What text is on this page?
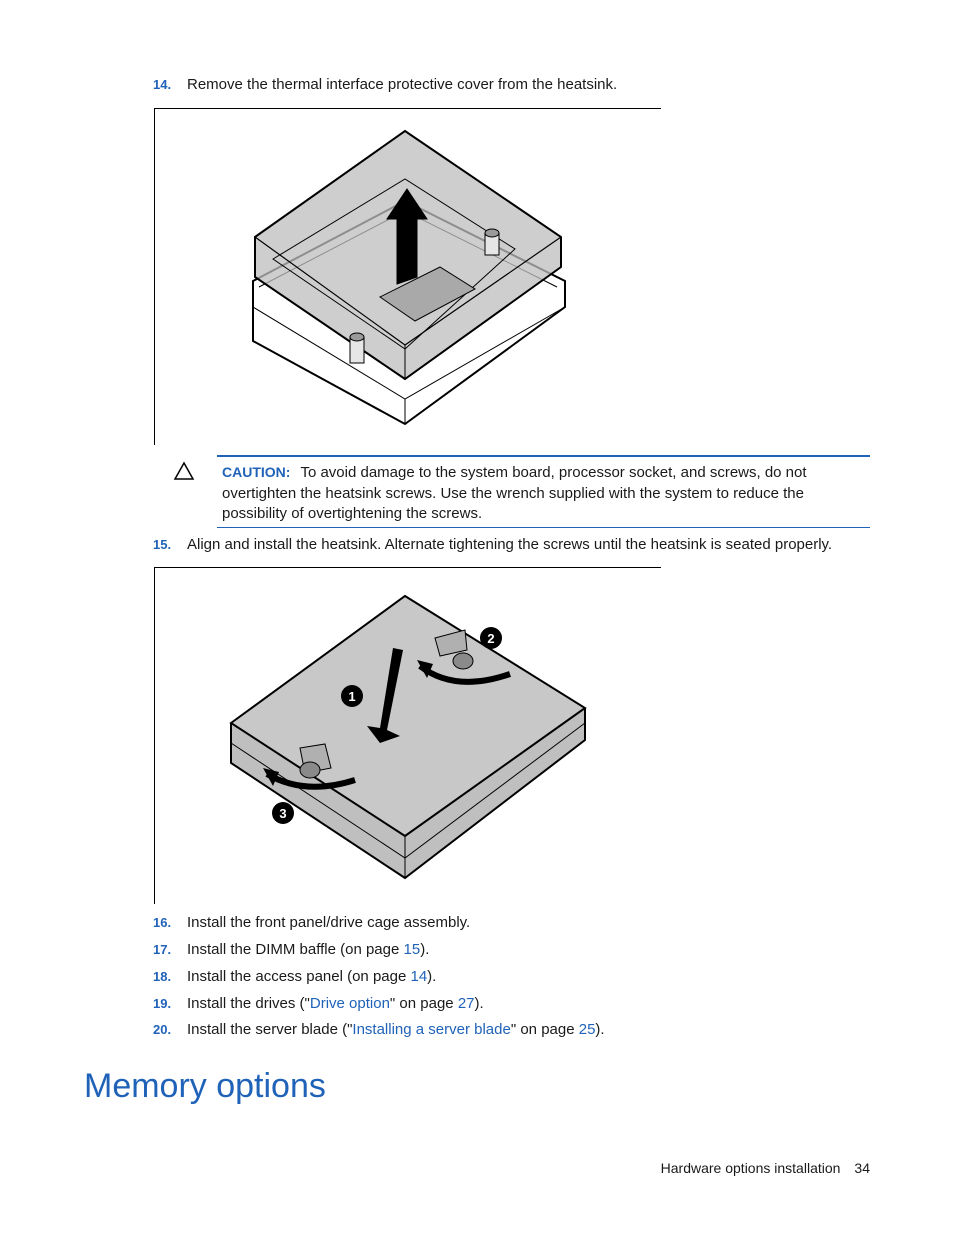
14. Remove the thermal interface protective cover from the heatsink.
CAUTION: To avoid damage to the system board, processor socket, and screws, do not overtighten the heatsink screws. Use the wrench supplied with the system to reduce the possibility of overtightening the screws.
15. Align and install the heatsink. Alternate tightening the screws until the heatsink is seated properly.
1
2
3
16. Install the front panel/drive cage assembly.
17. Install the DIMM baffle (on page 15).
18. Install the access panel (on page 14).
19. Install the drives ("Drive option" on page 27).
20. Install the server blade ("Installing a server blade" on page 25).
Memory options
Hardware options installation 34
